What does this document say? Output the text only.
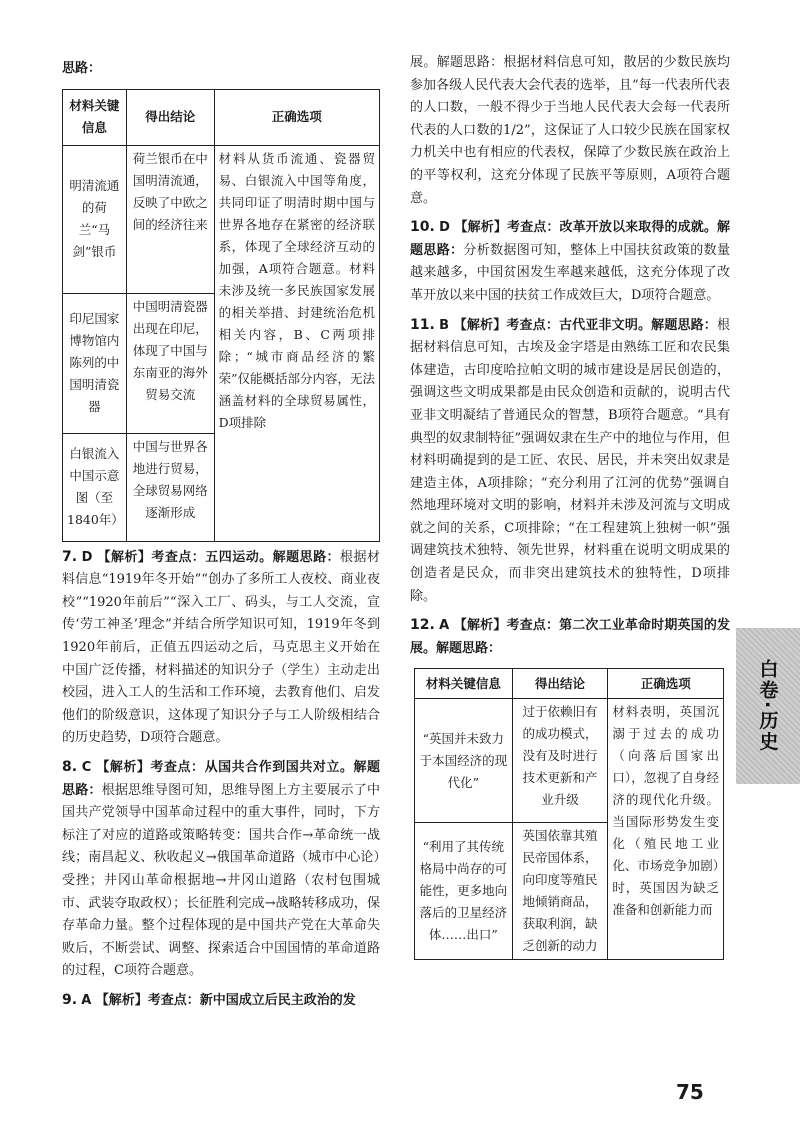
思路：

材料关键信息	得出结论	正确选项
明清流通的荷兰“马剑”银币	荷兰银币在中国明清流通，反映了中欧之间的经济往来	材料从货币流通、瓷器贸易、白银流入中国等角度，共同印证了明清时期中国与世界各地存在紧密的经济联系，体现了全球经济互动的加强，A项符合题意。材料未涉及统一多民族国家发展的相关举措、封建统治危机相关内容，B、C两项排除；“城市商品经济的繁荣”仅能概括部分内容，无法涵盖材料的全球贸易属性，D项排除
印尼国家博物馆内陈列的中国明清瓷器	中国明清瓷器出现在印尼，体现了中国与东南亚的海外贸易交流	
白银流入中国示意图（至1840年）	中国与世界各地进行贸易，全球贸易网络逐渐形成	

7. D 【解析】考查点：五四运动。解题思路：根据材料信息“1919年冬开始”“创办了多所工人夜校、商业夜校”“1920年前后”“深入工厂、码头，与工人交流，宣传‘劳工神圣’理念”并结合所学知识可知，1919年冬到1920年前后，正值五四运动之后，马克思主义开始在中国广泛传播，材料描述的知识分子（学生）主动走出校园，进入工人的生活和工作环境，去教育他们、启发他们的阶级意识，这体现了知识分子与工人阶级相结合的历史趋势，D项符合题意。

8. C 【解析】考查点：从国共合作到国共对立。解题思路：根据思维导图可知，思维导图上方主要展示了中国共产党领导中国革命过程中的重大事件，同时，下方标注了对应的道路或策略转变：国共合作→革命统一战线；南昌起义、秋收起义→俄国革命道路（城市中心论）受挫；井冈山革命根据地→井冈山道路（农村包围城市、武装夺取政权）；长征胜利完成→战略转移成功，保存革命力量。整个过程体现的是中国共产党在大革命失败后，不断尝试、调整、探索适合中国国情的革命道路的过程，C项符合题意。

9. A 【解析】考查点：新中国成立后民主政治的发

展。解题思路：根据材料信息可知，散居的少数民族均参加各级人民代表大会代表的选举，且“每一代表所代表的人口数，一般不得少于当地人民代表大会每一代表所代表的人口数的1/2”，这保证了人口较少民族在国家权力机关中也有相应的代表权，保障了少数民族在政治上的平等权利，这充分体现了民族平等原则，A项符合题意。

10. D 【解析】考查点：改革开放以来取得的成就。解题思路：分析数据图可知，整体上中国扶贫政策的数量越来越多，中国贫困发生率越来越低，这充分体现了改革开放以来中国的扶贫工作成效巨大，D项符合题意。

11. B 【解析】考查点：古代亚非文明。解题思路：根据材料信息可知，古埃及金字塔是由熟练工匠和农民集体建造，古印度哈拉帕文明的城市建设是居民创造的，强调这些文明成果都是由民众创造和贡献的，说明古代亚非文明凝结了普通民众的智慧，B项符合题意。“具有典型的奴隶制特征”强调奴隶在生产中的地位与作用，但材料明确提到的是工匠、农民、居民，并未突出奴隶是建造主体，A项排除；“充分利用了江河的优势”强调自然地理环境对文明的影响，材料并未涉及河流与文明成就之间的关系，C项排除；“在工程建筑上独树一帜”强调建筑技术独特、领先世界，材料重在说明文明成果的创造者是民众，而非突出建筑技术的独特性，D项排除。

12. A 【解析】考查点：第二次工业革命时期英国的发展。解题思路：

材料关键信息	得出结论	正确选项
“英国并未致力于本国经济的现代化”	过于依赖旧有的成功模式，没有及时进行技术更新和产业升级	材料表明，英国沉溺于过去的成功（向落后国家出口），忽视了自身经济的现代化升级。当国际形势发生变化（殖民地工业化、市场竞争加剧）时，英国因为缺乏准备和创新能力而
“利用了其传统格局中尚存的可能性，更多地向落后的卫星经济体……出口”	英国依靠其殖民帝国体系，向印度等殖民地倾销商品，获取利润，缺乏创新的动力	
白卷·历史
75
